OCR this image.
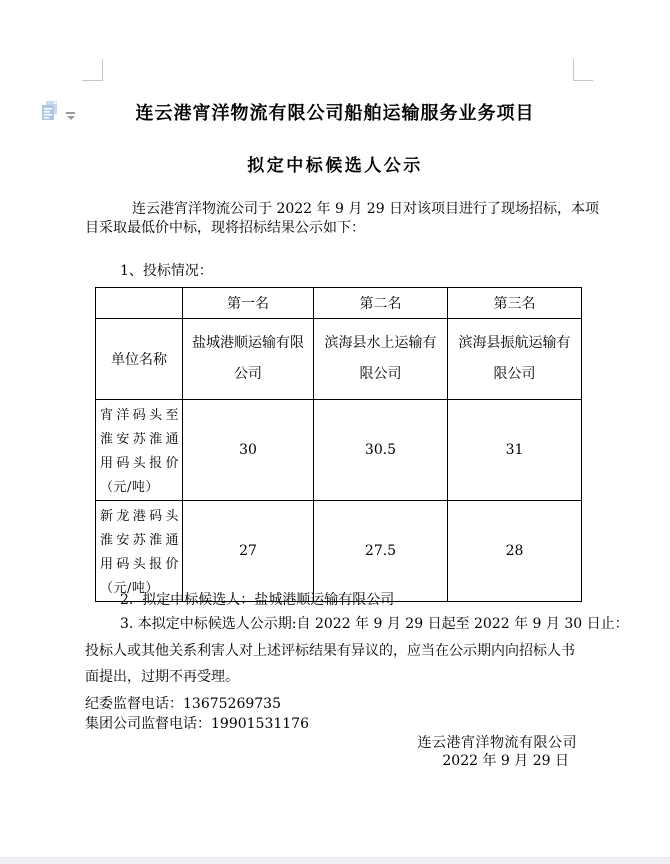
连云港宵洋物流有限公司船舶运输服务业务项目
拟定中标候选人公示
连云港宵洋物流公司于 2022 年 9 月 29 日对该项目进行了现场招标，本项
目采取最低价中标，现将招标结果公示如下：
1、投标情况：
	第一名	第二名	第三名
单位名称	盐城港顺运输有限公司	滨海县水上运输有限公司	滨海县振航运输有限公司
宵洋码头至淮安苏淮通用码头报价（元/吨）	30	30.5	31
新龙港码头淮安苏淮通用码头报价（元/吨）	27	27.5	28
2.  拟定中标候选人：盐城港顺运输有限公司
3. 本拟定中标候选人公示期:自 2022 年 9 月 29 日起至 2022 年 9 月 30 日止：
投标人或其他关系利害人对上述评标结果有异议的，应当在公示期内向招标人书
面提出，过期不再受理。
纪委监督电话：13675269735
集团公司监督电话：19901531176
连云港宵洋物流有限公司
2022 年 9 月 29 日
